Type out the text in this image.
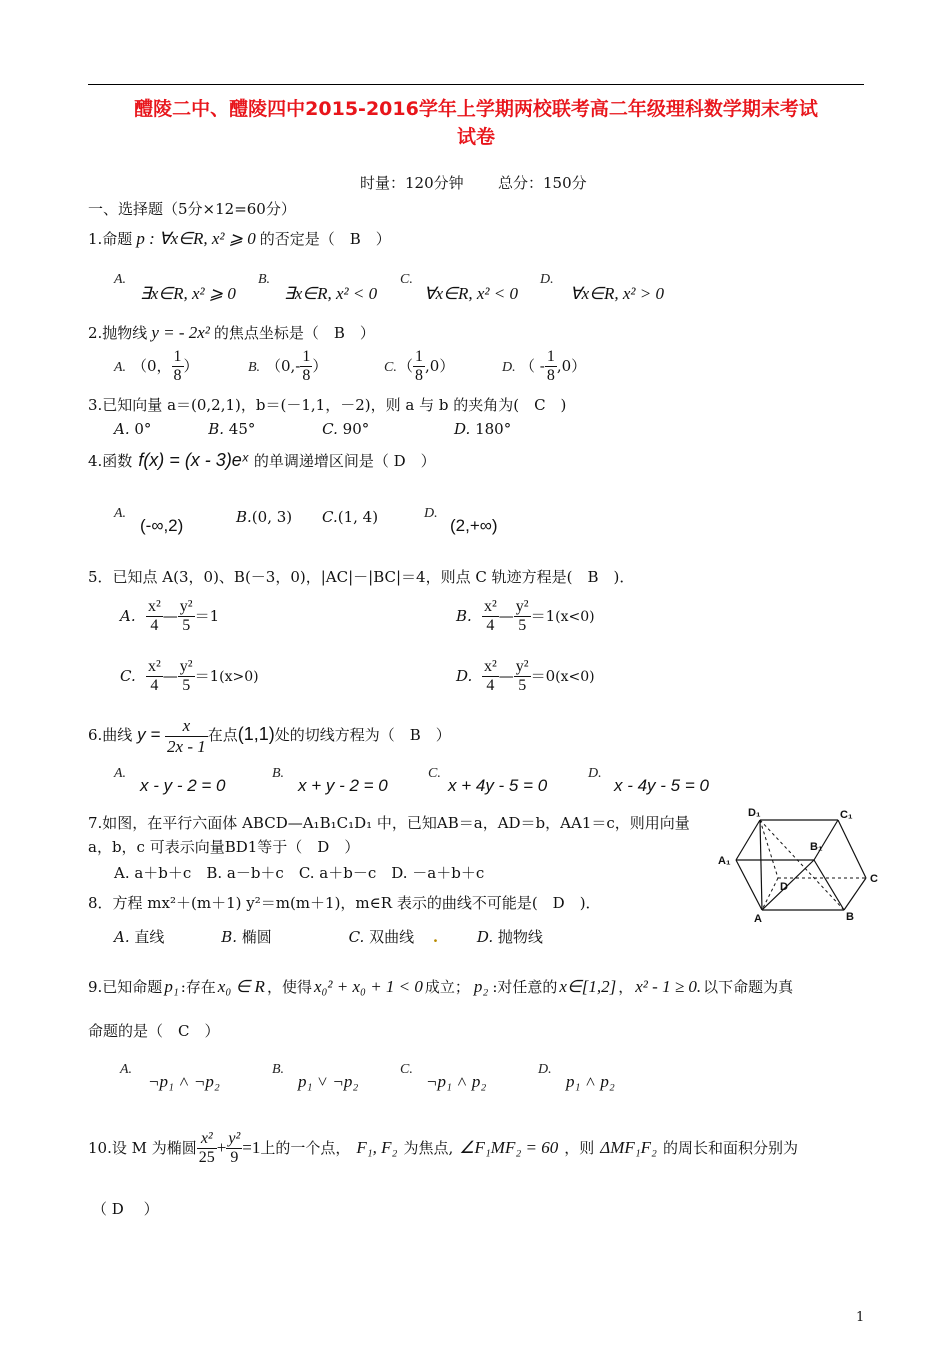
醴陵二中、醴陵四中2015-2016学年上学期两校联考高二年级理科数学期末考试
试卷
时量：120分钟 总分：150分
一、选择题（5分×12=60分）
1.命题 p : ∀x∈R, x² ⩾ 0 的否定是（　B　）
A.
∃x∈R, x² ⩾ 0
B.
∃x∈R, x² < 0
C.
∀x∈R, x² < 0
D.
∀x∈R, x² > 0
2.抛物线 y = - 2x² 的焦点坐标是（　B　）
A. （0， $\frac{1}{8}$ ）	B. （$0,- \frac{1}{8}$ ）	C. （ $\frac{1}{8} ,0$）	D. （ - $\frac{1}{8} ,0$）
3.已知向量 a＝(0,2,1)，b＝(－1,1，－2)，则 a 与 b 的夹角为(　C　)
A. 0°	B. 45°	C. 90°	D. 180°
4.函数 f(x) = (x - 3)eˣ 的单调递增区间是（ D　）
A.
(-∞,2)	B.(0, 3) C.(1, 4)	D.
(2,+∞)
5．已知点 A(3，0)、B(－3，0)，|AC|－|BC|＝4，则点 C 轨迹方程是(　B　)．
A. $\frac{\text{x²}}{4}$ — $\frac{\text{y²}}{5} =1$	B. $\frac{\text{x²}}{4}$ — $\frac{\text{y²}}{5} =1(x<0)$
C. $\frac{\text{x²}}{4}$ — $\frac{\text{y²}}{5} =1(x>0)$	D. $\frac{\text{x²}}{4}$ — $\frac{\text{y²}}{5} =0(x<0)$
6.曲线 $y = \frac{x}{2x - 1}$ 在点(1,1)处的切线方程为（　B　）
A.
x - y - 2 = 0
B.
x + y - 2 = 0
C.
x + 4y - 5 = 0
D.
x - 4y - 5 = 0
7.如图，在平行六面体 ABCD—A₁B₁C₁D₁ 中，已知AB＝a，AD＝b，AA1＝c，则用向量
a，b，c 可表示向量BD1等于（　D　）
A. a＋b＋c　B. a－b＋c　C. a＋b－c　D. －a＋b＋c
D₁	C₁
B₁
A₁
D
C
A	B
8．方程 mx²＋(m＋1) y²＝m(m＋1)，m∈R 表示的曲线不可能是(　D　)．
A. 直线	B. 椭圆	C. 双曲线 .	D. 抛物线
9.已知命题 p₁ :存在 x₀ ∈ R ，使得 x₀² + x₀ + 1 < 0 成立； p₂ :对任意的 x∈[1,2] ， x² - 1 ≥ 0. 以下命题为真
命题的是（　C　）
A.
¬p₁ ˄ ¬p₂
B.
p₁ ˅ ¬p₂
C.
¬p₁ ˄ p₂
D.
p₁ ˄ p₂
10.设 M 为椭圆 $\frac{\text{x²}}{25} + \frac{\text{y²}}{9} =1$上的一个点， F₁, F₂ 为焦点, ∠F₁MF₂ = 60 ，则 ΔMF₁F₂ 的周长和面积分别为
（ D　 ）
1
